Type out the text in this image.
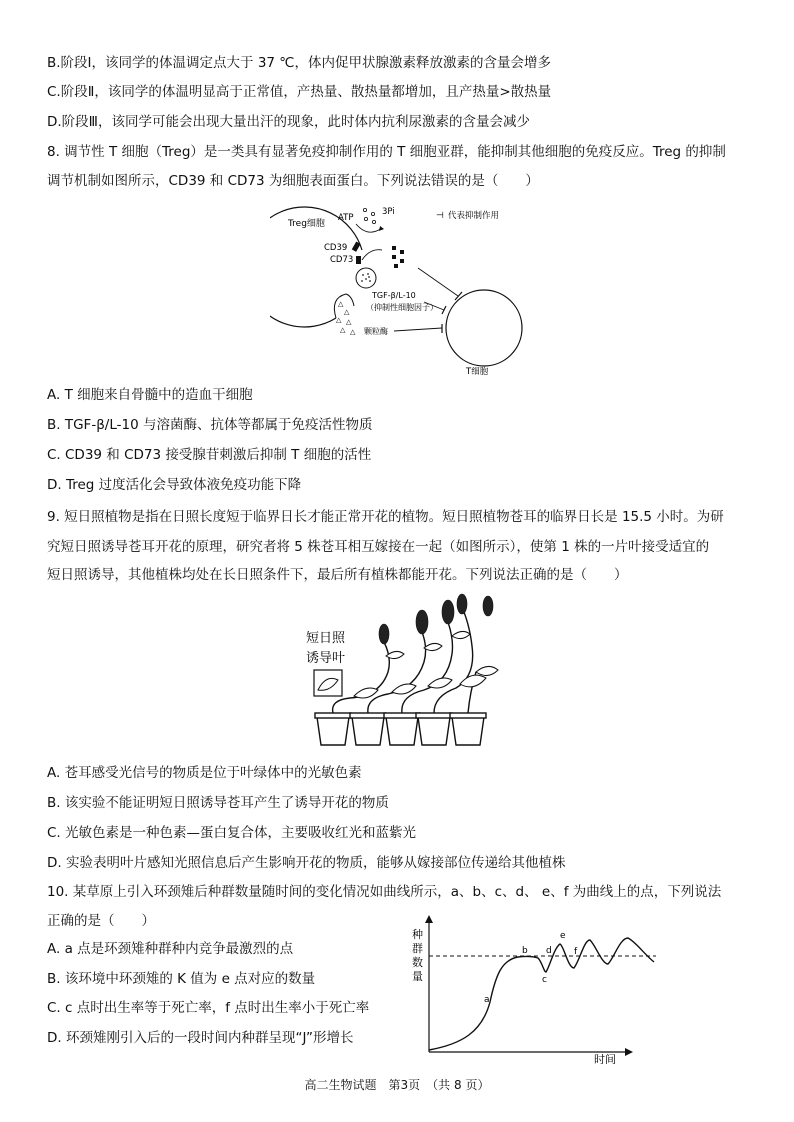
B.阶段Ⅰ，该同学的体温调定点大于 37 ℃，体内促甲状腺激素释放激素的含量会增多
C.阶段Ⅱ，该同学的体温明显高于正常值，产热量、散热量都增加，且产热量>散热量
D.阶段Ⅲ，该同学可能会出现大量出汗的现象，此时体内抗利尿激素的含量会减少
8. 调节性 T 细胞（Treg）是一类具有显著免疫抑制作用的 T 细胞亚群，能抑制其他细胞的免疫反应。Treg 的抑制
调节机制如图所示，CD39 和 CD73 为细胞表面蛋白。下列说法错误的是（　　）
Treg细胞
ATP
3Pi	⊣ 代表抑制作用
CD39
CD73
△
△
△ △
△ △
TGF-β/L-10
（抑制性细胞因子）
颗粒酶
T细胞
A. T 细胞来自骨髓中的造血干细胞
B. TGF-β/L-10 与溶菌酶、抗体等都属于免疫活性物质
C. CD39 和 CD73 接受腺苷刺激后抑制 T 细胞的活性
D. Treg 过度活化会导致体液免疫功能下降
9. 短日照植物是指在日照长度短于临界日长才能正常开花的植物。短日照植物苍耳的临界日长是 15.5 小时。为研
究短日照诱导苍耳开花的原理，研究者将 5 株苍耳相互嫁接在一起（如图所示），使第 1 株的一片叶接受适宜的
短日照诱导，其他植株均处在长日照条件下，最后所有植株都能开花。下列说法正确的是（　　）
短日照
诱导叶
A. 苍耳感受光信号的物质是位于叶绿体中的光敏色素
B. 该实验不能证明短日照诱导苍耳产生了诱导开花的物质
C. 光敏色素是一种色素—蛋白复合体，主要吸收红光和蓝紫光
D. 实验表明叶片感知光照信息后产生影响开花的物质，能够从嫁接部位传递给其他植株
10. 某草原上引入环颈雉后种群数量随时间的变化情况如曲线所示，a、b、c、d、 e、f 为曲线上的点，下列说法
正确的是（　　）
A. a 点是环颈雉种群种内竞争最激烈的点
B. 该环境中环颈雉的 K 值为 e 点对应的数量
C. c 点时出生率等于死亡率，f 点时出生率小于死亡率
D. 环颈雉刚引入后的一段时间内种群呈现“J”形增长
种
群
数
量
时间
a
b
c
d
e
f
高二生物试题　第3页　（共 8 页）
